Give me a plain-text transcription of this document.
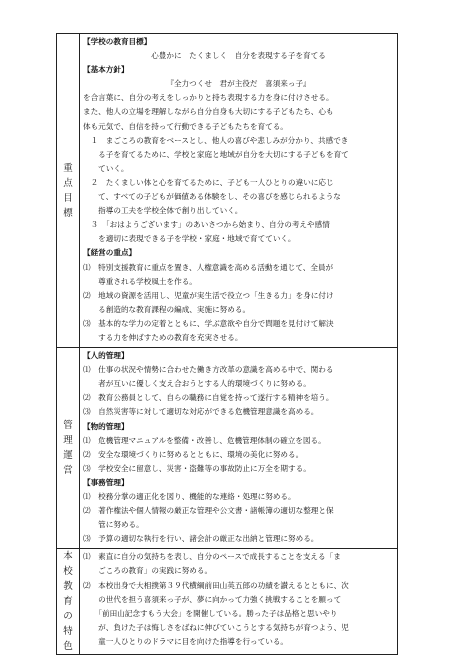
重
点
目
標
【学校の教育目標】
心豊かに　たくましく　自分を表現する子を育てる
【基本方針】
『全力つくせ　君が主役だ　喜須来っ子』
を合言葉に、自分の考えをしっかりと持ち表現する力を身に付けさせる。
また、他人の立場を理解しながら自分自身も大切にする子どもたち、心も
体も元気で、自信を持って行動できる子どもたちを育てる。
　１　まごころの教育をベースとし、他人の喜びや悲しみが分かり、共感でき
　　る子を育てるために、学校と家庭と地域が自分を大切にする子どもを育て
　　ていく。
　２　たくましい体と心を育てるために、子ども一人ひとりの違いに応じ
　　て、すべての子どもが価値ある体験をし、その喜びを感じられるような
　　指導の工夫を学校全体で創り出していく。
　３　「おはようございます」のあいさつから始まり、自分の考えや感情
　　を適切に表現できる子を学校・家庭・地域で育てていく。
【経営の重点】
⑴　特別支援教育に重点を置き、人権意識を高める活動を通じて、全員が
　　尊重される学校風土を作る。
⑵　地域の資源を活用し、児童が実生活で役立つ「生きる力」を身に付け
　　る創造的な教育課程の編成、実施に努める。
⑶　基本的な学力の定着とともに、学ぶ意欲や自分で問題を見付けて解決
　　する力を伸ばすための教育を充実させる。
管
理
運
営
【人的管理】
⑴　仕事の状況や情勢に合わせた働き方改革の意識を高める中で、関わる
　　者が互いに優しく支え合おうとする人的環境づくりに努める。
⑵　教育公務員として、自らの職務に自覚を持って遂行する精神を培う。
⑶　自然災害等に対して適切な対応ができる危機管理意識を高める。
【物的管理】
⑴　危機管理マニュアルを整備・改善し、危機管理体制の確立を図る。
⑵　安全な環境づくりに努めるとともに、環境の美化に努める。
⑶　学校安全に留意し、災害・盗難等の事故防止に万全を期する。
【事務管理】
⑴　校務分掌の適正化を図り、機能的な連絡・処理に努める。
⑵　著作権法や個人情報の厳正な管理や公文書・諸帳簿の適切な整理と保
　　管に努める。
⑶　予算の適切な執行を行い、諸会計の厳正な出納と管理に努める。
本
校
教
育
の
特
色
⑴　素直に自分の気持ちを表し、自分のペースで成長することを支える「ま
　　ごころの教育」の実践に努める。
⑵　本校出身で大相撲第３９代横綱前田山英五郎の功績を讃えるとともに、次
　　の世代を担う喜須来っ子が、夢に向かって力強く挑戦することを願って
　　「前田山記念すもう大会」を開催している。勝った子は品格と思いやり
　　が、負けた子は悔しさをばねに伸びていこうとする気持ちが育つよう、児
　　童一人ひとりのドラマに目を向けた指導を行っている。
